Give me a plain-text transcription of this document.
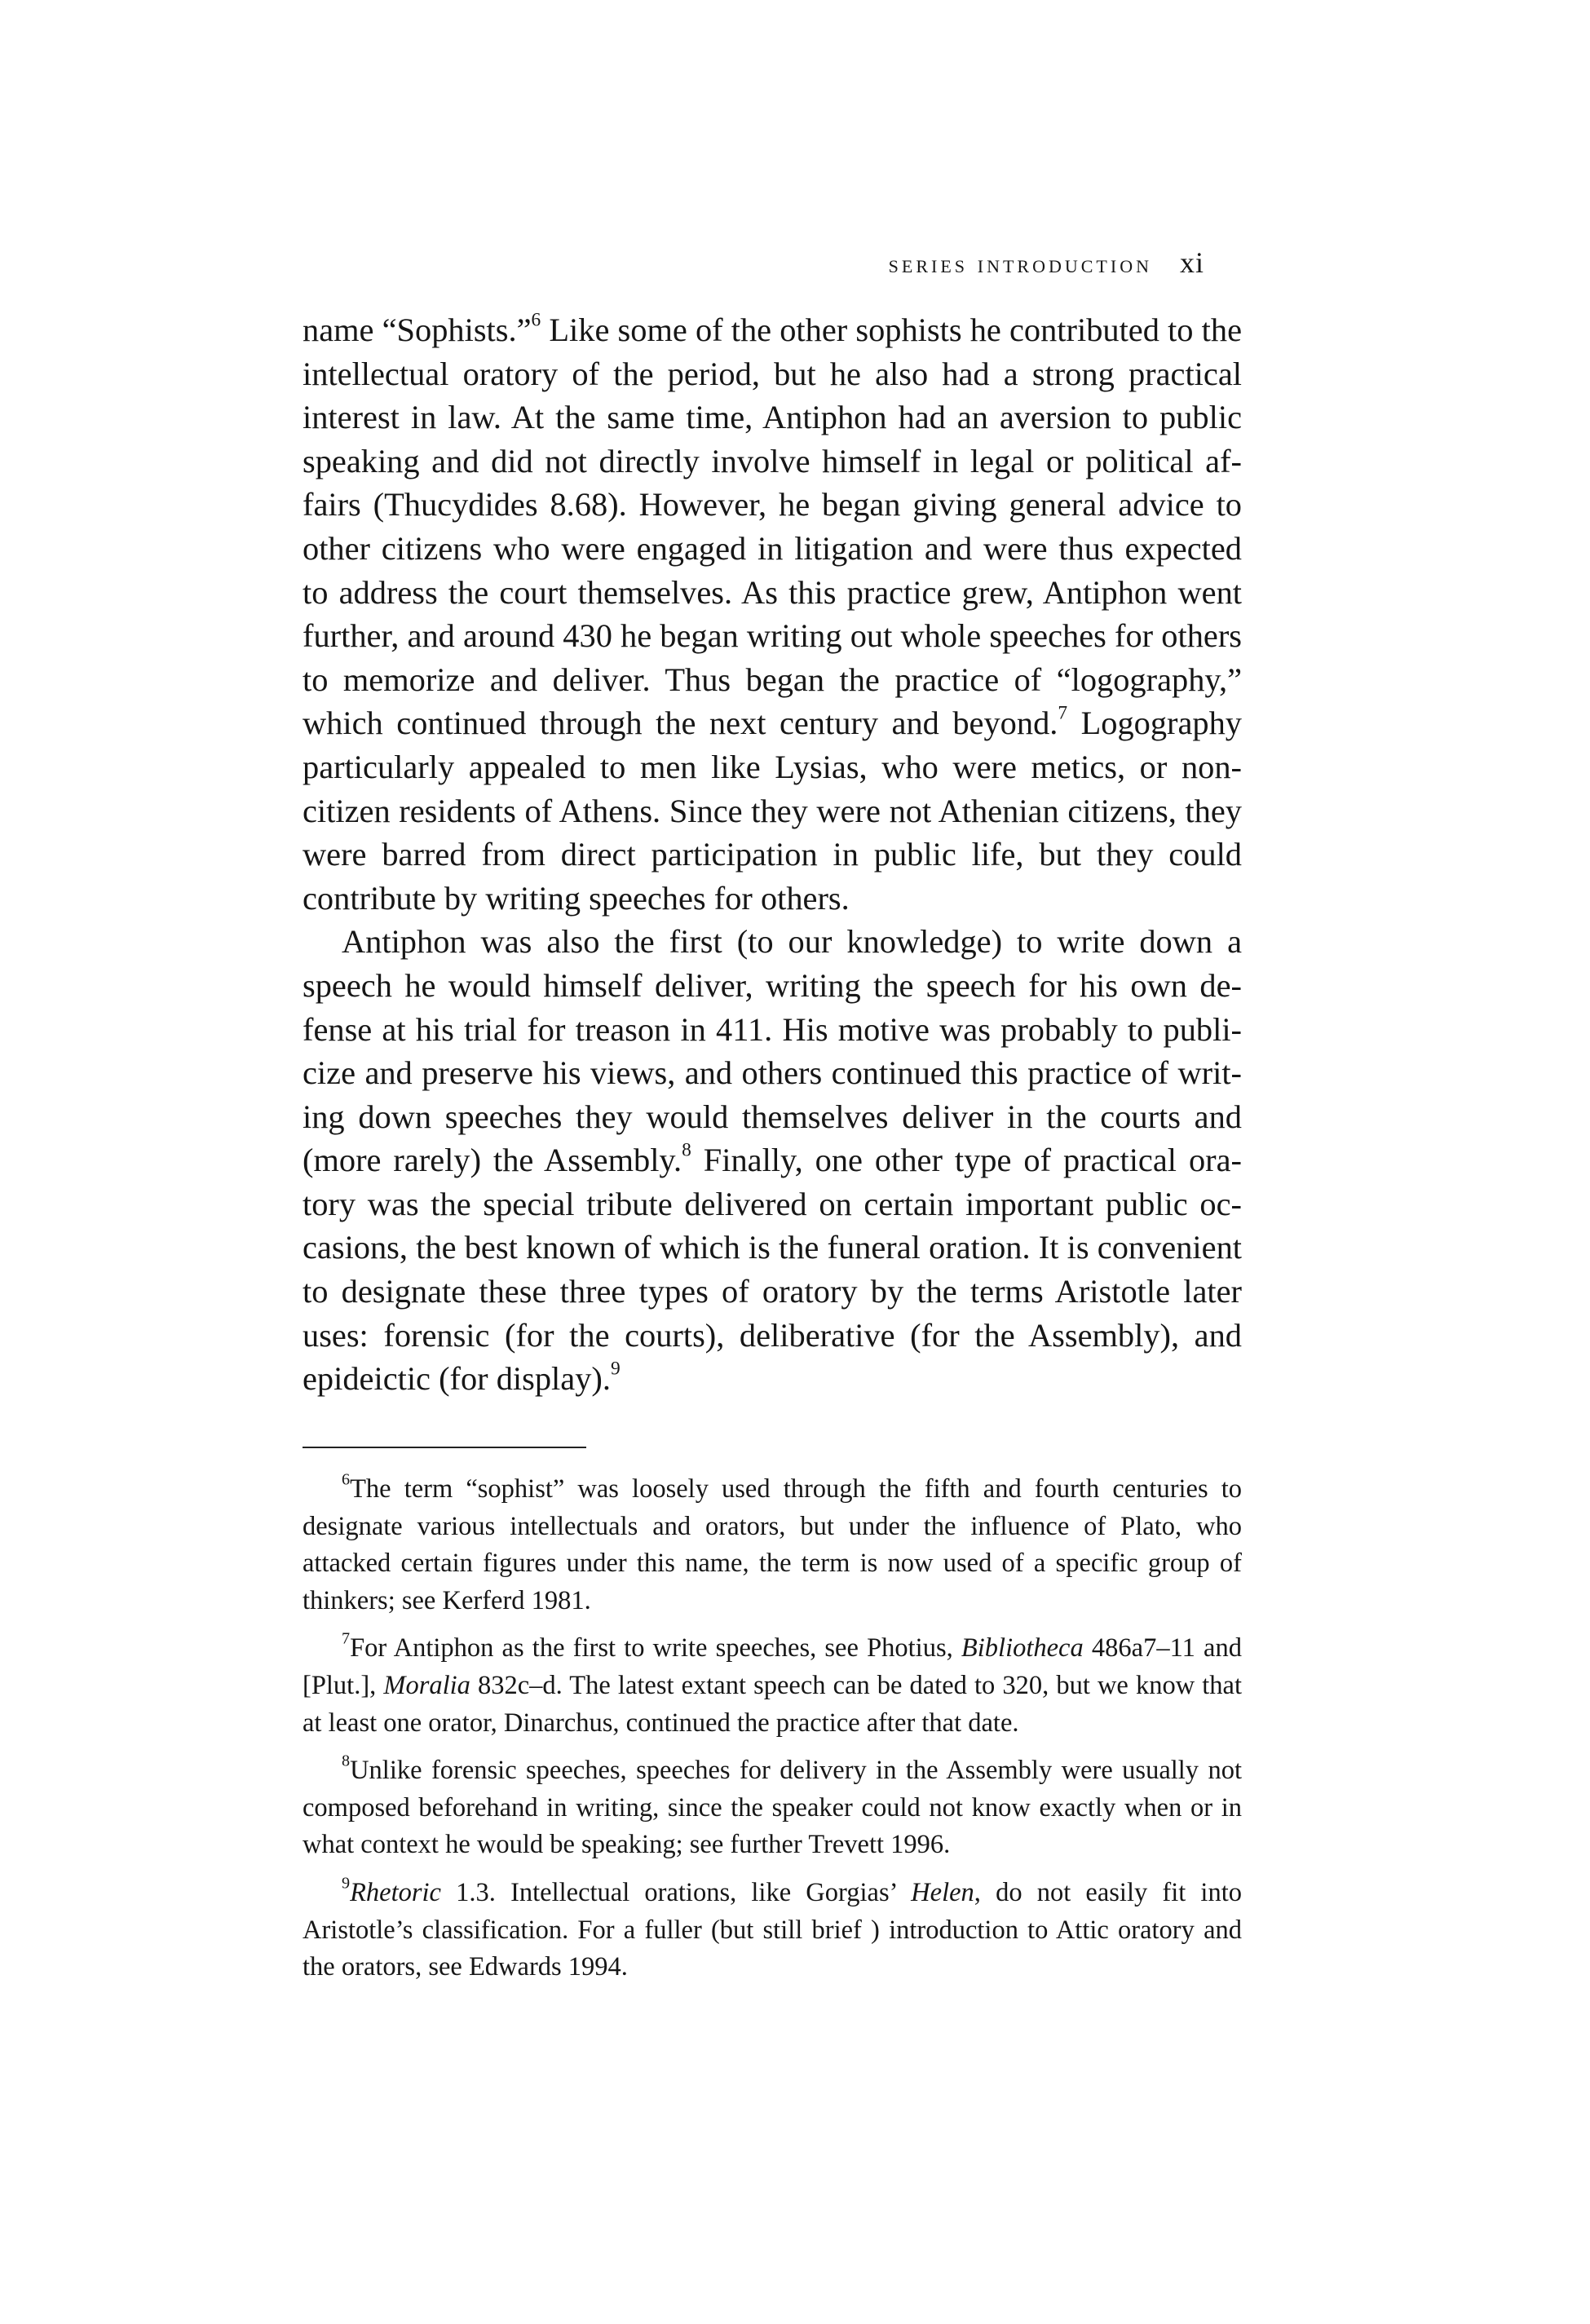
series introduction xi

name “Sophists.”$^6$ Like some of the other sophists he contributed to the intellectual oratory of the period, but he also had a strong practical interest in law. At the same time, Antiphon had an aversion to public speaking and did not directly involve himself in legal or political affairs (Thucydides 8.68). However, he began giving general advice to other citizens who were engaged in litigation and were thus expected to address the court themselves. As this practice grew, Antiphon went further, and around 430 he began writing out whole speeches for others to memorize and deliver. Thus began the practice of “logography,” which continued through the next century and beyond.$^7$ Logography particularly appealed to men like Lysias, who were metics, or noncitizen residents of Athens. Since they were not Athenian citizens, they were barred from direct participation in public life, but they could contribute by writing speeches for others.

Antiphon was also the first (to our knowledge) to write down a speech he would himself deliver, writing the speech for his own defense at his trial for treason in 411. His motive was probably to publicize and preserve his views, and others continued this practice of writing down speeches they would themselves deliver in the courts and (more rarely) the Assembly.$^8$ Finally, one other type of practical oratory was the special tribute delivered on certain important public occasions, the best known of which is the funeral oration. It is convenient to designate these three types of oratory by the terms Aristotle later uses: forensic (for the courts), deliberative (for the Assembly), and epideictic (for display).$^9$

$^6$The term “sophist” was loosely used through the fifth and fourth centuries to designate various intellectuals and orators, but under the influence of Plato, who attacked certain figures under this name, the term is now used of a specific group of thinkers; see Kerferd 1981.

$^7$For Antiphon as the first to write speeches, see Photius, Bibliotheca 486a7–11 and [Plut.], Moralia 832c–d. The latest extant speech can be dated to 320, but we know that at least one orator, Dinarchus, continued the practice after that date.

$^8$Unlike forensic speeches, speeches for delivery in the Assembly were usually not composed beforehand in writing, since the speaker could not know exactly when or in what context he would be speaking; see further Trevett 1996.

$^9$Rhetoric 1.3. Intellectual orations, like Gorgias’ Helen, do not easily fit into Aristotle’s classification. For a fuller (but still brief ) introduction to Attic oratory and the orators, see Edwards 1994.
